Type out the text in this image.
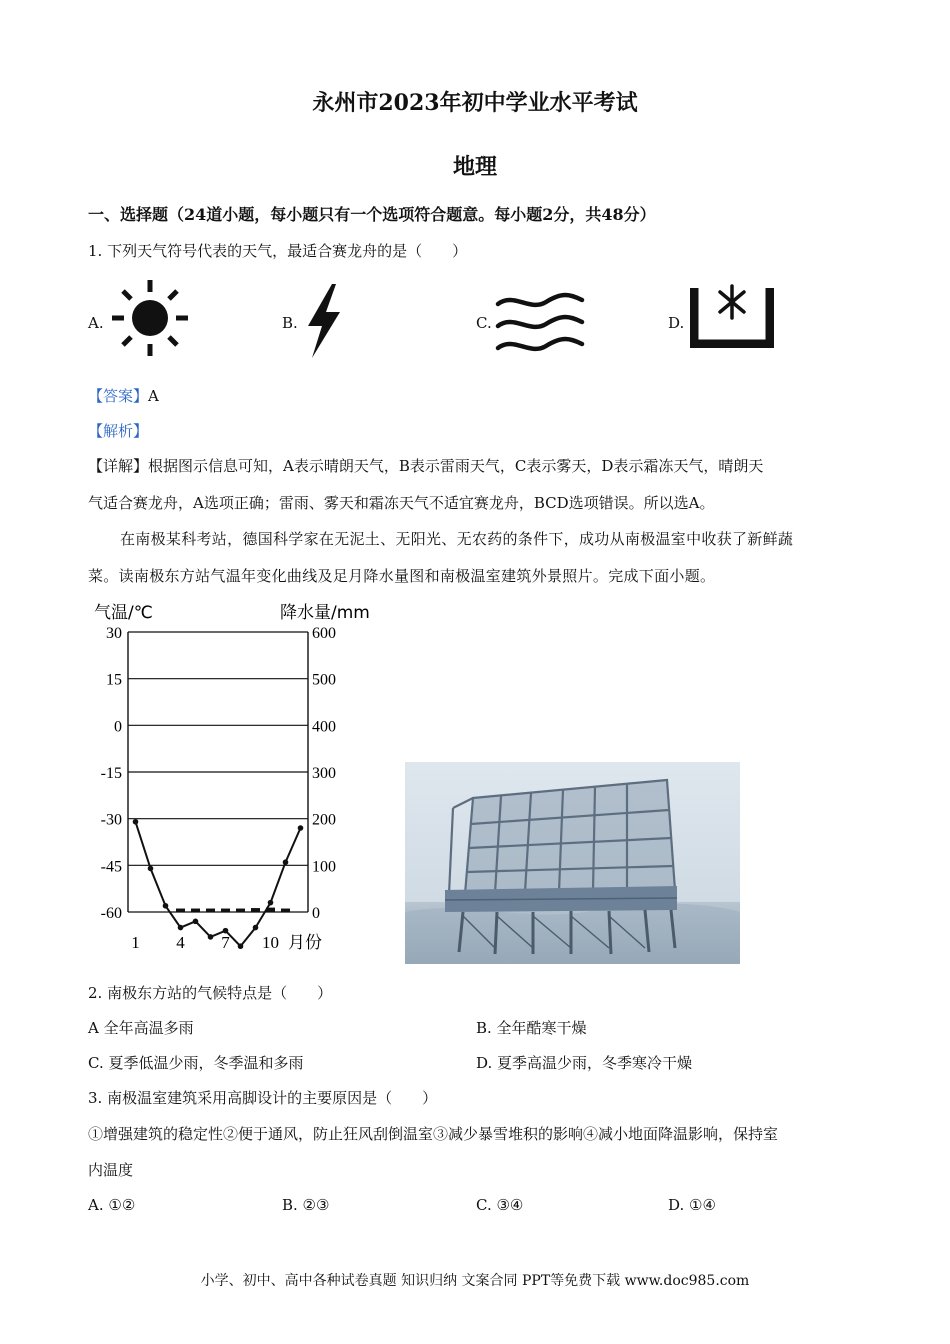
永州市2023年初中学业水平考试
地理
一、选择题（24道小题，每小题只有一个选项符合题意。每小题2分，共48分）
1. 下列天气符号代表的天气，最适合赛龙舟的是（　　）
A.	B.	C.	D.
【答案】A
【解析】
【详解】根据图示信息可知，A表示晴朗天气，B表示雷雨天气，C表示雾天，D表示霜冻天气，晴朗天
气适合赛龙舟，A选项正确；雷雨、雾天和霜冻天气不适宜赛龙舟，BCD选项错误。所以选A。
在南极某科考站，德国科学家在无泥土、无阳光、无农药的条件下，成功从南极温室中收获了新鲜蔬
菜。读南极东方站气温年变化曲线及足月降水量图和南极温室建筑外景照片。完成下面小题。
气温/℃	降水量/mm
30
15
0
-15
-30
-45
-60
600
500
400
300
200
100
0
1 4 7 10 月份
2. 南极东方站的气候特点是（　　）
A 全年高温多雨	B. 全年酷寒干燥
C. 夏季低温少雨，冬季温和多雨	D. 夏季高温少雨，冬季寒冷干燥
3. 南极温室建筑采用高脚设计的主要原因是（　　）
①增强建筑的稳定性②便于通风，防止狂风刮倒温室③减少暴雪堆积的影响④减小地面降温影响，保持室
内温度
A. ①②	B. ②③	C. ③④	D. ①④
小学、初中、高中各种试卷真题 知识归纳 文案合同 PPT等免费下载 www.doc985.com
